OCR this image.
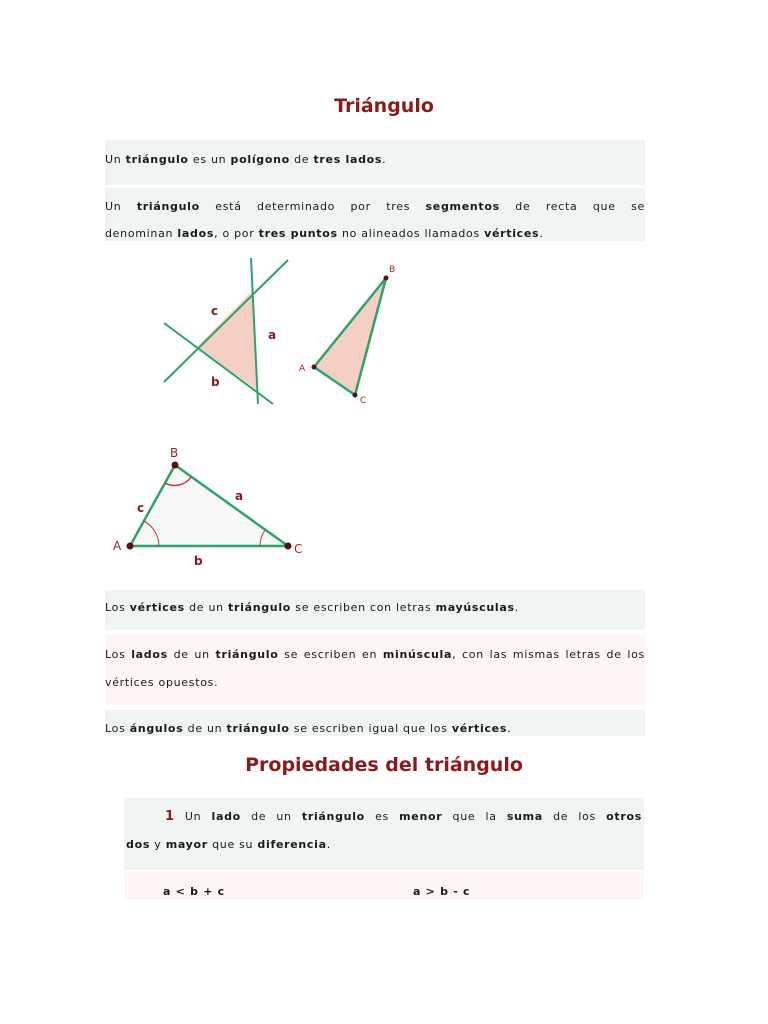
Triángulo
Un triángulo es un polígono de tres lados.
Un triángulo está determinado por tres segmentos de recta que se
denominan lados, o por tres puntos no alineados llamados vértices.
c
a
b
A
B
C
A
B
C
a
b
c
Los vértices de un triángulo se escriben con letras mayúsculas.
Los lados de un triángulo se escriben en minúscula, con las mismas letras de los
vértices opuestos.
Los ángulos de un triángulo se escriben igual que los vértices.
Propiedades del triángulo
1 Un lado de un triángulo es menor que la suma de los otros
dos y mayor que su diferencia.
a < b + c	a > b - c
